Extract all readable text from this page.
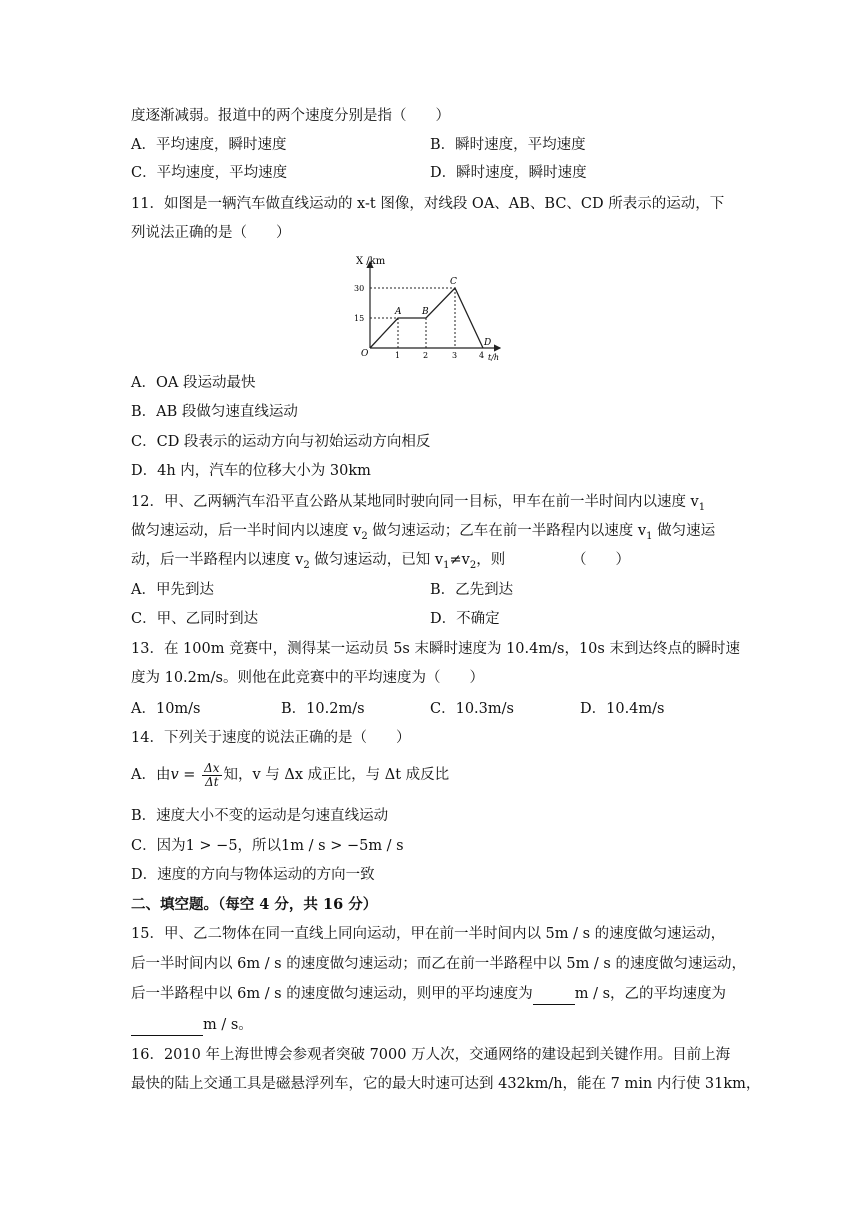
度逐渐减弱。报道中的两个速度分别是指（　　）
A．平均速度，瞬时速度	B．瞬时速度，平均速度
C．平均速度，平均速度	D．瞬时速度，瞬时速度
11．如图是一辆汽车做直线运动的 x-t 图像，对线段 OA、AB、BC、CD 所表示的运动，下
列说法正确的是（　　）
X /km
t/h
15
30
1	2	3	4
O
A B
C
D
A．OA 段运动最快
B．AB 段做匀速直线运动
C．CD 段表示的运动方向与初始运动方向相反
D．4h 内，汽车的位移大小为 30km
12．甲、乙两辆汽车沿平直公路从某地同时驶向同一目标，甲车在前一半时间内以速度 $v_1$
做匀速运动，后一半时间内以速度 $v_2$ 做匀速运动；乙车在前一半路程内以速度 $v_1$ 做匀速运
动，后一半路程内以速度 $v_2$ 做匀速运动，已知 $v_1\ne v_2$，则	（　　）
A．甲先到达	B．乙先到达
C．甲、乙同时到达	D．不确定
13．在 100m 竞赛中，测得某一运动员 5s 末瞬时速度为 10.4m/s，10s 末到达终点的瞬时速
度为 10.2m/s。则他在此竞赛中的平均速度为（　　）
A．10m/s	B．10.2m/s	C．10.3m/s	D．10.4m/s
14．下列关于速度的说法正确的是（　　）
A．由$v = \frac{\Delta x}{\Delta t}$ 知，v 与 Δx 成正比，与 Δt 成反比
B．速度大小不变的运动是匀速直线运动
C．因为1 > −5，所以1m / s > −5m / s
D．速度的方向与物体运动的方向一致
二、填空题。（每空 4 分，共 16 分）
15．甲、乙二物体在同一直线上同向运动，甲在前一半时间内以 5m / s 的速度做匀速运动，
后一半时间内以 6m / s 的速度做匀速运动；而乙在前一半路程中以 5m / s 的速度做匀速运动，
后一半路程中以 6m / s 的速度做匀速运动，则甲的平均速度为	m / s，乙的平均速度为
m / s。
16．2010 年上海世博会参观者突破 7000 万人次，交通网络的建设起到关键作用。目前上海
最快的陆上交通工具是磁悬浮列车，它的最大时速可达到 432km/h，能在 7 min 内行使 31km，
